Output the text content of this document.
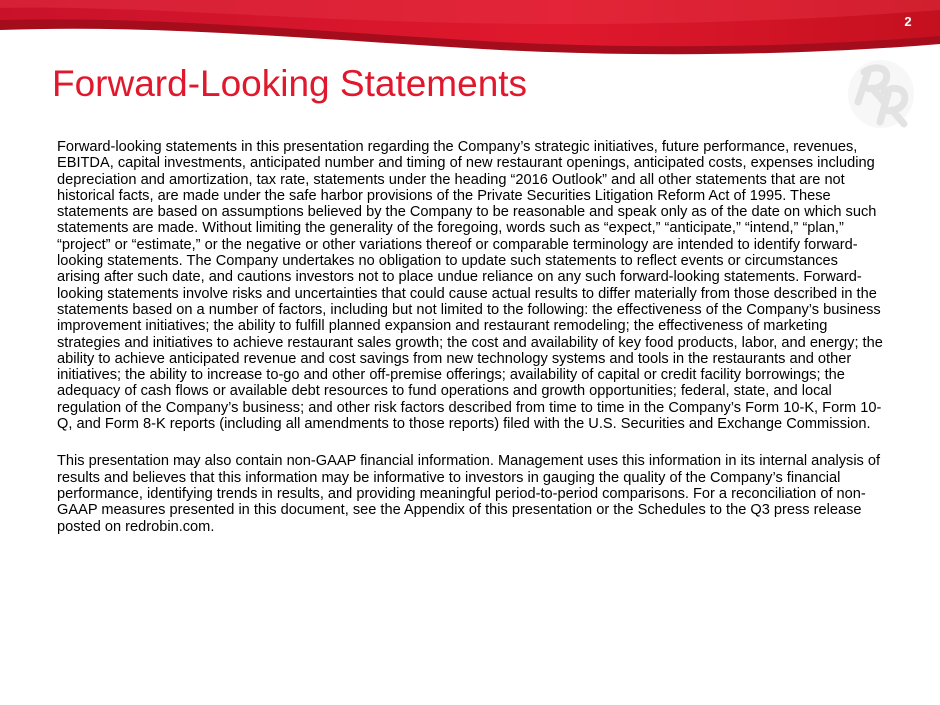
2
Forward-Looking Statements

Forward-looking statements in this presentation regarding the Company’s strategic initiatives, future performance, revenues, EBITDA, capital investments, anticipated number and timing of new restaurant openings, anticipated costs, expenses including depreciation and amortization, tax rate, statements under the heading “2016 Outlook” and all other statements that are not historical facts, are made under the safe harbor provisions of the Private Securities Litigation Reform Act of 1995. These statements are based on assumptions believed by the Company to be reasonable and speak only as of the date on which such statements are made. Without limiting the generality of the foregoing, words such as “expect,” “anticipate,” “intend,” “plan,” “project” or “estimate,” or the negative or other variations thereof or comparable terminology are intended to identify forward-looking statements. The Company undertakes no obligation to update such statements to reflect events or circumstances arising after such date, and cautions investors not to place undue reliance on any such forward-looking statements. Forward-looking statements involve risks and uncertainties that could cause actual results to differ materially from those described in the statements based on a number of factors, including but not limited to the following: the effectiveness of the Company’s business improvement initiatives; the ability to fulfill planned expansion and restaurant remodeling; the effectiveness of marketing strategies and initiatives to achieve restaurant sales growth; the cost and availability of key food products, labor, and energy; the ability to achieve anticipated revenue and cost savings from new technology systems and tools in the restaurants and other initiatives; the ability to increase to-go and other off-premise offerings; availability of capital or credit facility borrowings; the adequacy of cash flows or available debt resources to fund operations and growth opportunities; federal, state, and local regulation of the Company’s business; and other risk factors described from time to time in the Company’s Form 10-K, Form 10-Q, and Form 8-K reports (including all amendments to those reports) filed with the U.S. Securities and Exchange Commission.

This presentation may also contain non-GAAP financial information. Management uses this information in its internal analysis of results and believes that this information may be informative to investors in gauging the quality of the Company’s financial performance, identifying trends in results, and providing meaningful period-to-period comparisons. For a reconciliation of non-GAAP measures presented in this document, see the Appendix of this presentation or the Schedules to the Q3 press release posted on redrobin.com.
